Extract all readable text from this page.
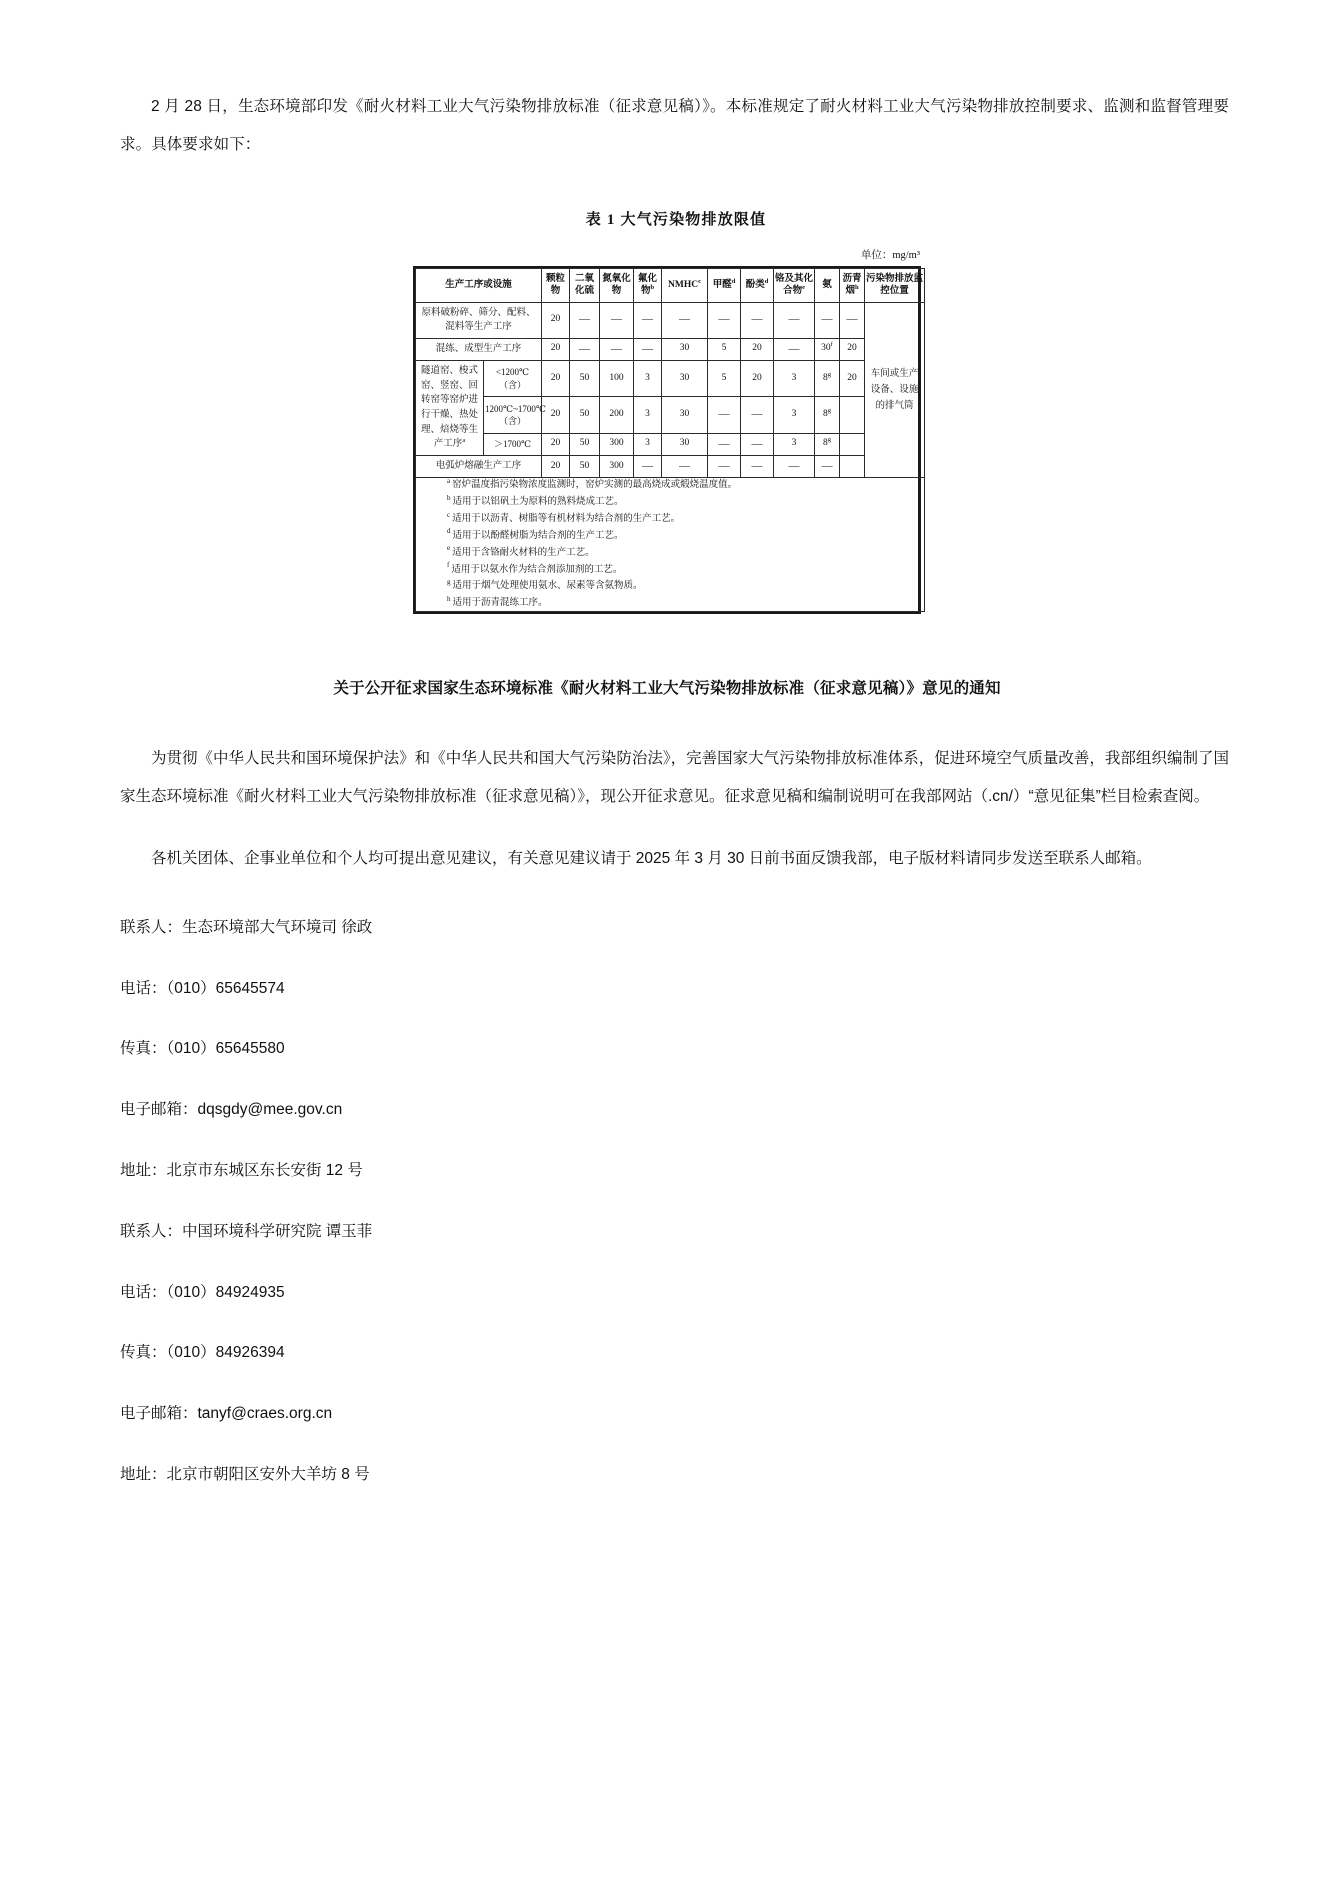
2 月 28 日，生态环境部印发《耐火材料工业大气污染物排放标准（征求意见稿）》。本标准规定了耐火材料工业大气污染物排放控制要求、监测和监督管理要求。具体要求如下：

表 1 大气污染物排放限值
单位：mg/m³
生产工序或设施		颗粒物	二氧化硫	氮氧化物	氟化物$^b$	NMHC$^c$	甲醛$^d$	酚类$^d$	铬及其化合物$^e$	氨	沥青烟$^h$	污染物排放监控位置
原料破粉碎、筛分、配料、混料等生产工序		20	—	—	—	—	—	—	—	—	—	车间或生产设备、设施的排气筒
混练、成型生产工序		20	—	—	—	30	5	20	—	30$^f$	20	
隧道窑、梭式窑、竖窑、回转窑等窑炉进行干燥、热处理、焙烧等生产工序$^a$	<1200℃（含）	20	50	100	3	30	5	20	3	8$^g$	20	
	1200℃~1700℃（含）	20	50	200	3	30	—	—	3	8$^g$	
	＞1700℃	20	50	300	3	30	—	—	3	8$^g$	
电弧炉熔融生产工序		20	50	300	—	—	—	—	—	—		

$^a$ 窑炉温度指污染物浓度监测时，窑炉实测的最高烧成或煅烧温度值。

$^b$ 适用于以铝矾土为原料的熟料烧成工艺。

$^c$ 适用于以沥青、树脂等有机材料为结合剂的生产工艺。

$^d$ 适用于以酚醛树脂为结合剂的生产工艺。

$^e$ 适用于含铬耐火材料的生产工艺。

$^f$ 适用于以氨水作为结合剂添加剂的工艺。

$^g$ 适用于烟气处理使用氨水、尿素等含氨物质。

$^h$ 适用于沥青混练工序。

关于公开征求国家生态环境标准《耐火材料工业大气污染物排放标准（征求意见稿）》意见的通知

为贯彻《中华人民共和国环境保护法》和《中华人民共和国大气污染防治法》，完善国家大气污染物排放标准体系，促进环境空气质量改善，我部组织编制了国家生态环境标准《耐火材料工业大气污染物排放标准（征求意见稿）》，现公开征求意见。征求意见稿和编制说明可在我部网站（.cn/）“意见征集”栏目检索查阅。

各机关团体、企事业单位和个人均可提出意见建议，有关意见建议请于 2025 年 3 月 30 日前书面反馈我部，电子版材料请同步发送至联系人邮箱。

联系人：生态环境部大气环境司 徐政

电话：（010）65645574

传真：（010）65645580

电子邮箱：dqsgdy@mee.gov.cn

地址：北京市东城区东长安街 12 号

联系人：中国环境科学研究院 谭玉菲

电话：（010）84924935

传真：（010）84926394

电子邮箱：tanyf@craes.org.cn

地址：北京市朝阳区安外大羊坊 8 号
